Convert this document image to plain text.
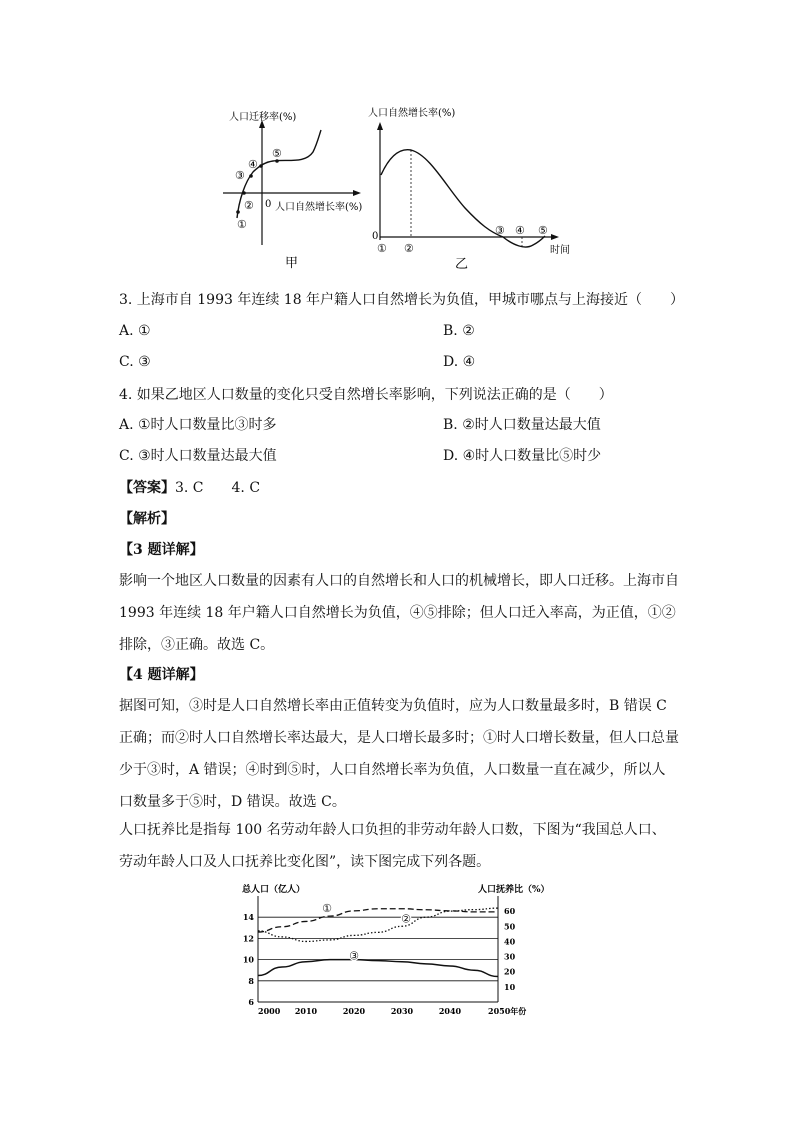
人口迁移率(%)
人口自然增长率(%)
0
①
②
③
④
⑤
甲
人口自然增长率(%)
时间
0
① ②
③ ④ ⑤
乙
3. 上海市自 1993 年连续 18 年户籍人口自然增长为负值，甲城市哪点与上海接近（　　）
A. ①	B. ②
C. ③	D. ④
4. 如果乙地区人口数量的变化只受自然增长率影响，下列说法正确的是（　　）
A. ①时人口数量比③时多	B. ②时人口数量达最大值
C. ③时人口数量达最大值	D. ④时人口数量比⑤时少
【答案】3. C　　4. C
【解析】
【3 题详解】
影响一个地区人口数量的因素有人口的自然增长和人口的机械增长，即人口迁移。上海市自 1993 年连续 18 年户籍人口自然增长为负值，④⑤排除；但人口迁入率高，为正值，①②排除，③正确。故选 C。
【4 题详解】
据图可知，③时是人口自然增长率由正值转变为负值时，应为人口数量最多时，B 错误 C 正确；而②时人口自然增长率达最大，是人口增长最多时；①时人口增长数量，但人口总量少于③时，A 错误；④时到⑤时，人口自然增长率为负值，人口数量一直在减少，所以人口数量多于⑤时，D 错误。故选 C。
人口抚养比是指每 100 名劳动年龄人口负担的非劳动年龄人口数，下图为“我国总人口、劳动年龄人口及人口抚养比变化图”，读下图完成下列各题。
总人口（亿人）	人口抚养比（%）
6
8
10
12
14
10
20
30
40
50
60
2000 2010	2020	2030	2040	2050年份
①
②
③
